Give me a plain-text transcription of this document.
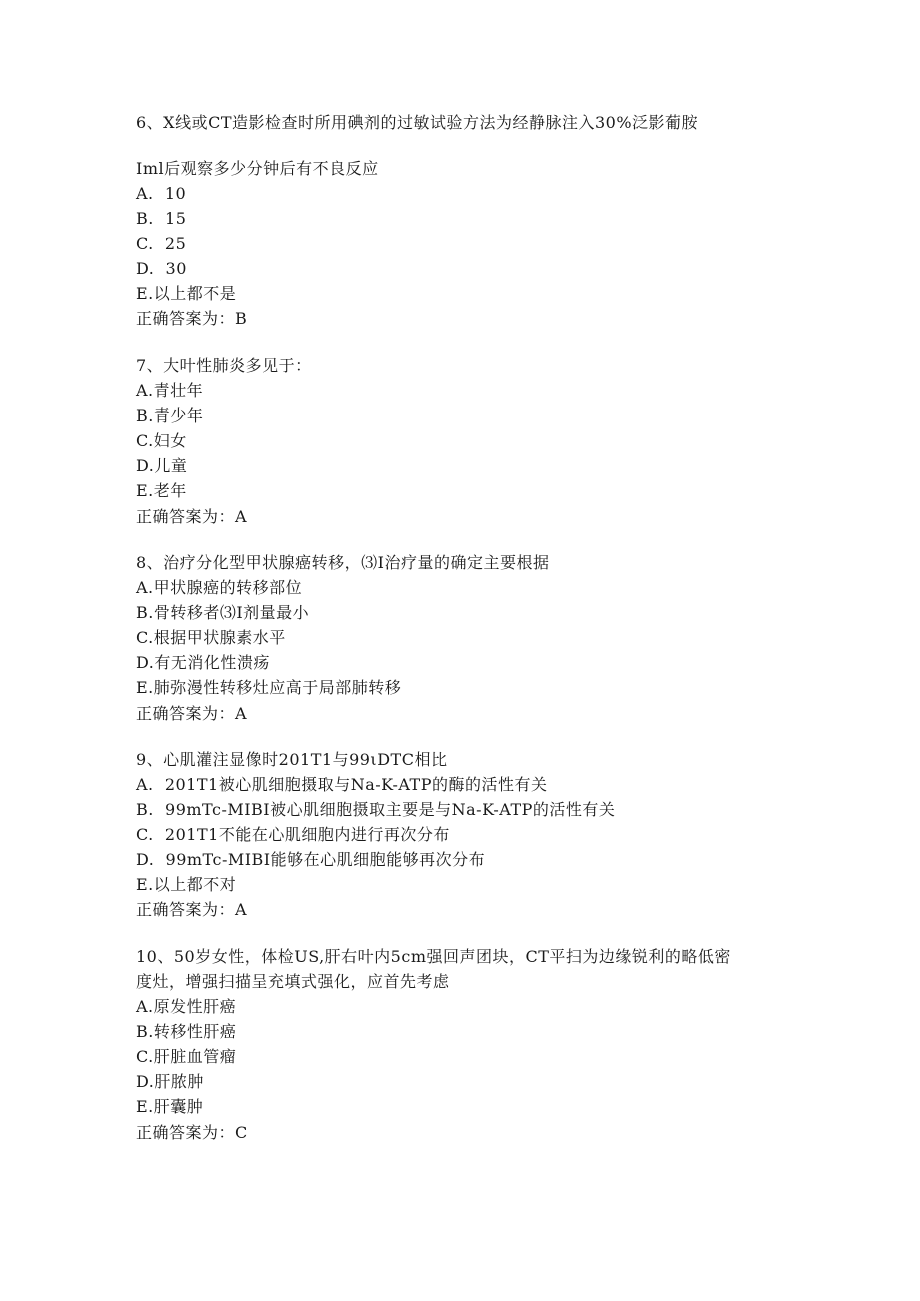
6、X线或CT造影检查时所用碘剂的过敏试验方法为经静脉注入30%泛影葡胺
Iml后观察多少分钟后有不良反应
A.  10
B.  15
C.  25
D.  30
E.以上都不是
正确答案为：B
7、大叶性肺炎多见于：
A.青壮年
B.青少年
C.妇女
D.儿童
E.老年
正确答案为：A
8、治疗分化型甲状腺癌转移，⑶I治疗量的确定主要根据
A.甲状腺癌的转移部位
B.骨转移者⑶I剂量最小
C.根据甲状腺素水平
D.有无消化性溃疡
E.肺弥漫性转移灶应高于局部肺转移
正确答案为：A
9、心肌灌注显像时201T1与99ιDTC相比
A.  201T1被心肌细胞摄取与Na-K-ATP的酶的活性有关
B.  99mTc-MIBI被心肌细胞摄取主要是与Na-K-ATP的活性有关
C.  201T1不能在心肌细胞内进行再次分布
D.  99mTc-MIBI能够在心肌细胞能够再次分布
E.以上都不对
正确答案为：A
10、50岁女性，体检US,肝右叶内5cm强回声团块，CT平扫为边缘锐利的略低密
度灶，增强扫描呈充填式强化，应首先考虑
A.原发性肝癌
B.转移性肝癌
C.肝脏血管瘤
D.肝脓肿
E.肝囊肿
正确答案为：C
